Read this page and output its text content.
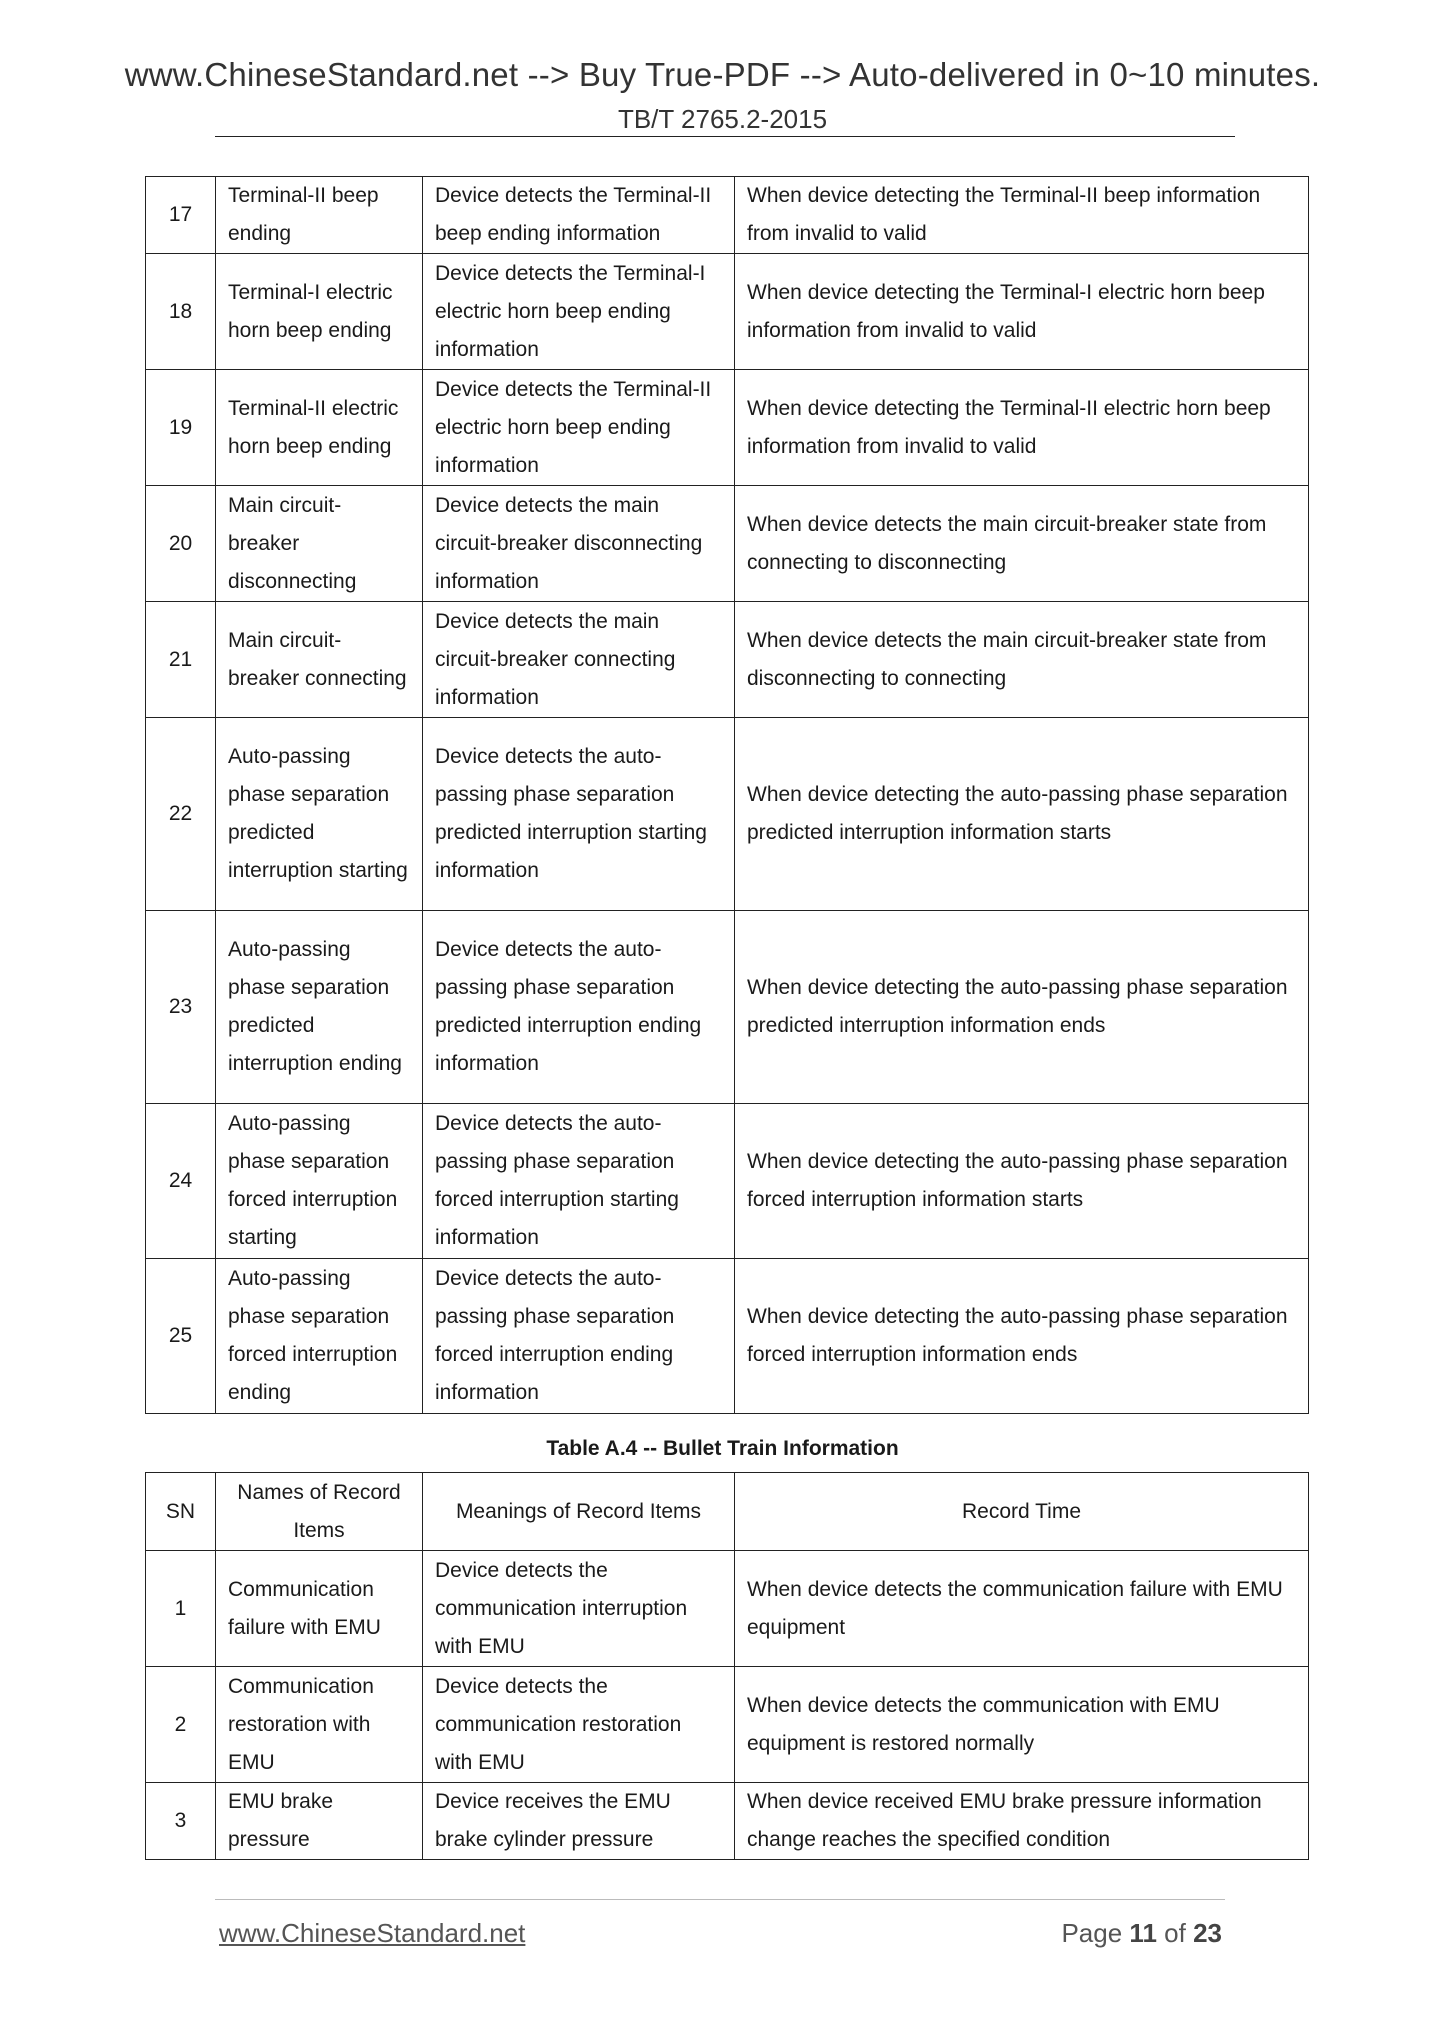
www.ChineseStandard.net --> Buy True-PDF --> Auto-delivered in 0~10 minutes.
TB/T 2765.2-2015
17	Terminal-II beep ending	Device detects the Terminal-II beep ending information	When device detecting the Terminal-II beep information from invalid to valid
18	Terminal-I electric horn beep ending	Device detects the Terminal-I electric horn beep ending information	When device detecting the Terminal-I electric horn beep information from invalid to valid
19	Terminal-II electric horn beep ending	Device detects the Terminal-II electric horn beep ending information	When device detecting the Terminal-II electric horn beep information from invalid to valid
20	Main circuit-breaker disconnecting	Device detects the main circuit-breaker disconnecting information	When device detects the main circuit-breaker state from connecting to disconnecting
21	Main circuit-breaker connecting	Device detects the main circuit-breaker connecting information	When device detects the main circuit-breaker state from disconnecting to connecting
22	Auto-passing phase separation predicted interruption starting	Device detects the auto-passing phase separation predicted interruption starting information	When device detecting the auto-passing phase separation predicted interruption information starts
23	Auto-passing phase separation predicted interruption ending	Device detects the auto-passing phase separation predicted interruption ending information	When device detecting the auto-passing phase separation predicted interruption information ends
24	Auto-passing phase separation forced interruption starting	Device detects the auto-passing phase separation forced interruption starting information	When device detecting the auto-passing phase separation forced interruption information starts
25	Auto-passing phase separation forced interruption ending	Device detects the auto-passing phase separation forced interruption ending information	When device detecting the auto-passing phase separation forced interruption information ends
Table A.4 -- Bullet Train Information
SN	Names of Record Items	Meanings of Record Items	Record Time
1	Communication failure with EMU	Device detects the communication interruption with EMU	When device detects the communication failure with EMU equipment
2	Communication restoration with EMU	Device detects the communication restoration with EMU	When device detects the communication with EMU equipment is restored normally
3	EMU brake pressure	Device receives the EMU brake cylinder pressure	When device received EMU brake pressure information change reaches the specified condition
www.ChineseStandard.net	Page 11 of 23
